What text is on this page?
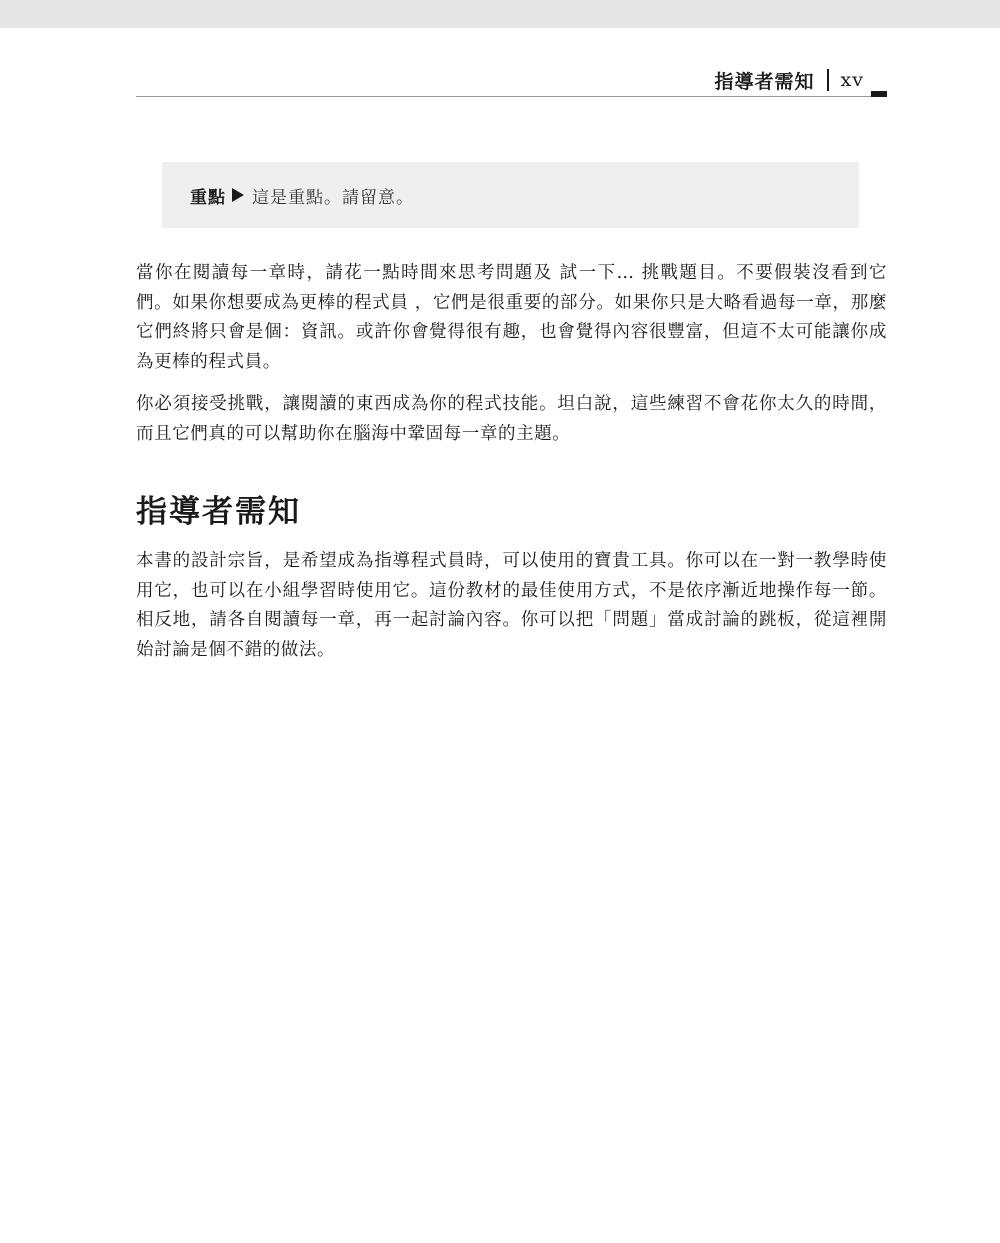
指導者需知 xv
重點 這是重點。請留意。

當你在閱讀每一章時，請花一點時間來思考問題及 試一下… 挑戰題目。不要假裝沒看到它們。如果你想要成為更棒的程式員 ，它們是很重要的部分。如果你只是大略看過每一章，那麼它們終將只會是個：資訊。或許你會覺得很有趣，也會覺得內容很豐富，但這不太可能讓你成為更棒的程式員。

你必須接受挑戰，讓閱讀的東西成為你的程式技能。坦白說，這些練習不會花你太久的時間，而且它們真的可以幫助你在腦海中鞏固每一章的主題。

指導者需知

本書的設計宗旨，是希望成為指導程式員時，可以使用的寶貴工具。你可以在一對一教學時使用它，也可以在小組學習時使用它。這份教材的最佳使用方式，不是依序漸近地操作每一節。相反地，請各自閱讀每一章，再一起討論內容。你可以把「問題」當成討論的跳板，從這裡開始討論是個不錯的做法。
